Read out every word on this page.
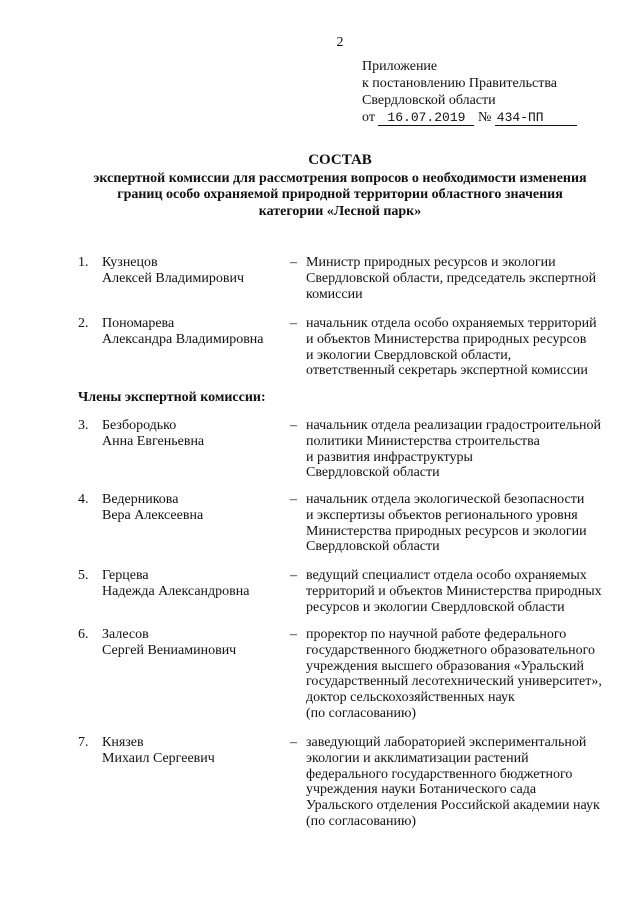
2
Приложение
к постановлению Правительства
Свердловской области
от 16.07.2019 № 434-ПП
СОСТАВ
экспертной комиссии для рассмотрения вопросов о необходимости изменения
границ особо охраняемой природной территории областного значения
категории «Лесной парк»
1. Кузнецов
Алексей Владимирович
– Министр природных ресурсов и экологии
Свердловской области, председатель экспертной
комиссии
2. Пономарева
Александра Владимировна
– начальник отдела особо охраняемых территорий
и объектов Министерства природных ресурсов
и экологии Свердловской области,
ответственный секретарь экспертной комиссии
Члены экспертной комиссии:
3. Безбородько
Анна Евгеньевна
– начальник отдела реализации градостроительной
политики Министерства строительства
и развития инфраструктуры
Свердловской области
4. Ведерникова
Вера Алексеевна
– начальник отдела экологической безопасности
и экспертизы объектов регионального уровня
Министерства природных ресурсов и экологии
Свердловской области
5. Герцева
Надежда Александровна
– ведущий специалист отдела особо охраняемых
территорий и объектов Министерства природных
ресурсов и экологии Свердловской области
6. Залесов
Сергей Вениаминович
– проректор по научной работе федерального
государственного бюджетного образовательного
учреждения высшего образования «Уральский
государственный лесотехнический университет»,
доктор сельскохозяйственных наук
(по согласованию)
7. Князев
Михаил Сергеевич
– заведующий лабораторией экспериментальной
экологии и акклиматизации растений
федерального государственного бюджетного
учреждения науки Ботанического сада
Уральского отделения Российской академии наук
(по согласованию)
